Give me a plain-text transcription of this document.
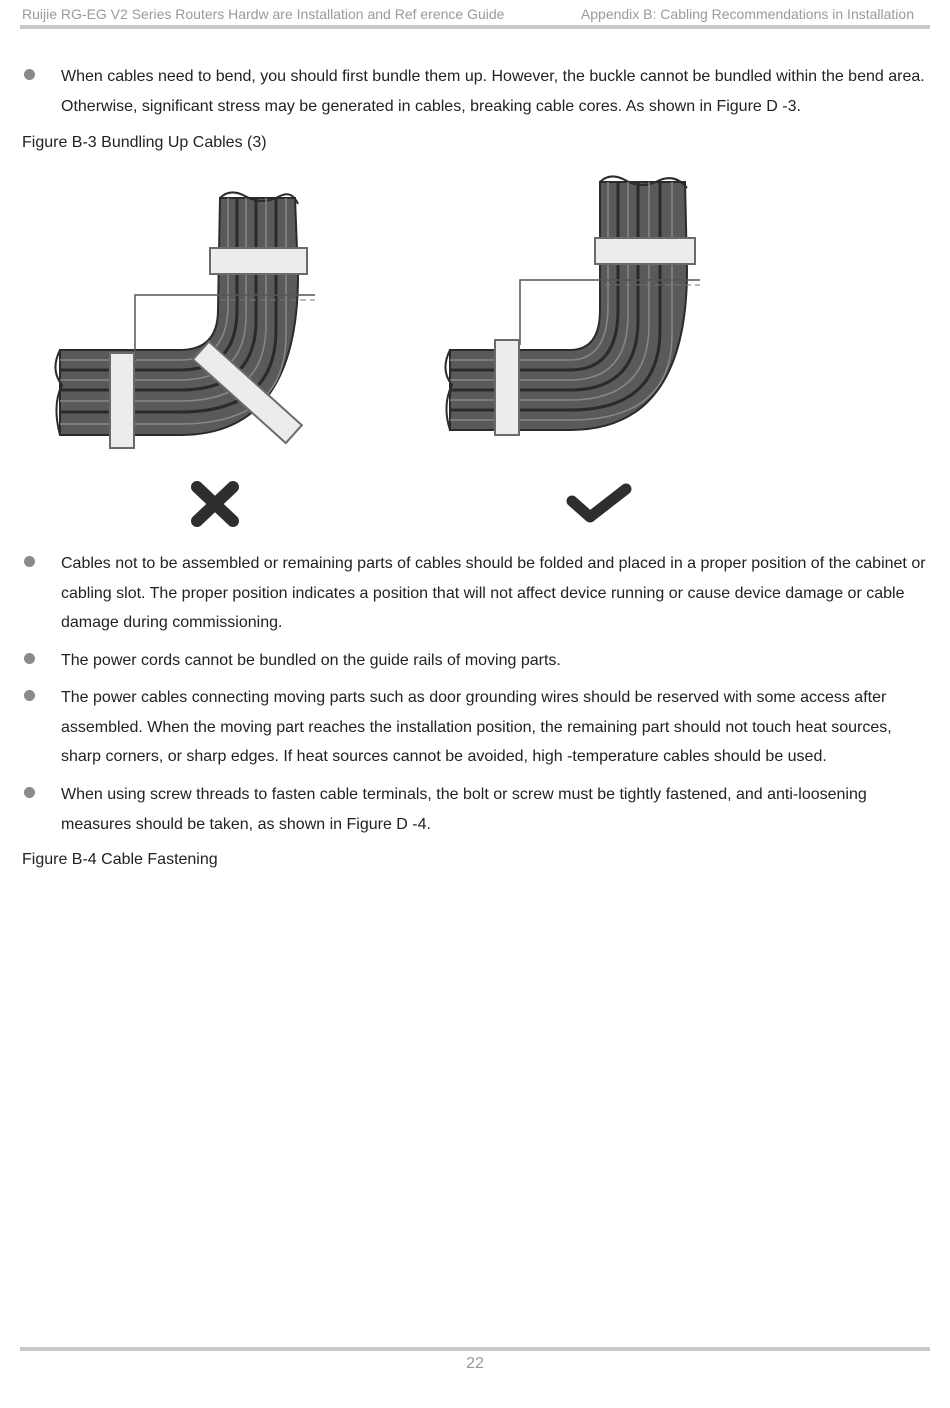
Ruijie RG-EG V2 Series Routers Hardw are Installation and Ref erence Guide	Appendix B: Cabling Recommendations in Installation
When cables need to bend, you should first bundle them up. However, the buckle cannot be bundled within the bend area. Otherwise, significant stress may be generated in cables, breaking cable cores. As shown in Figure D -3.
Figure B-3 Bundling Up Cables (3)
Cables not to be assembled or remaining parts of cables should be folded and placed in a proper position of the cabinet or cabling slot. The proper position indicates a position that will not affect device running or cause device damage or cable damage during commissioning.
The power cords cannot be bundled on the guide rails of moving parts.
The power cables connecting moving parts such as door grounding wires should be reserved with some access after assembled. When the moving part reaches the installation position, the remaining part should not touch heat sources, sharp corners, or sharp edges. If heat sources cannot be avoided, high -temperature cables should be used.
When using screw threads to fasten cable terminals, the bolt or screw must be tightly fastened, and anti-loosening measures should be taken, as shown in Figure D -4.
Figure B-4 Cable Fastening
22
